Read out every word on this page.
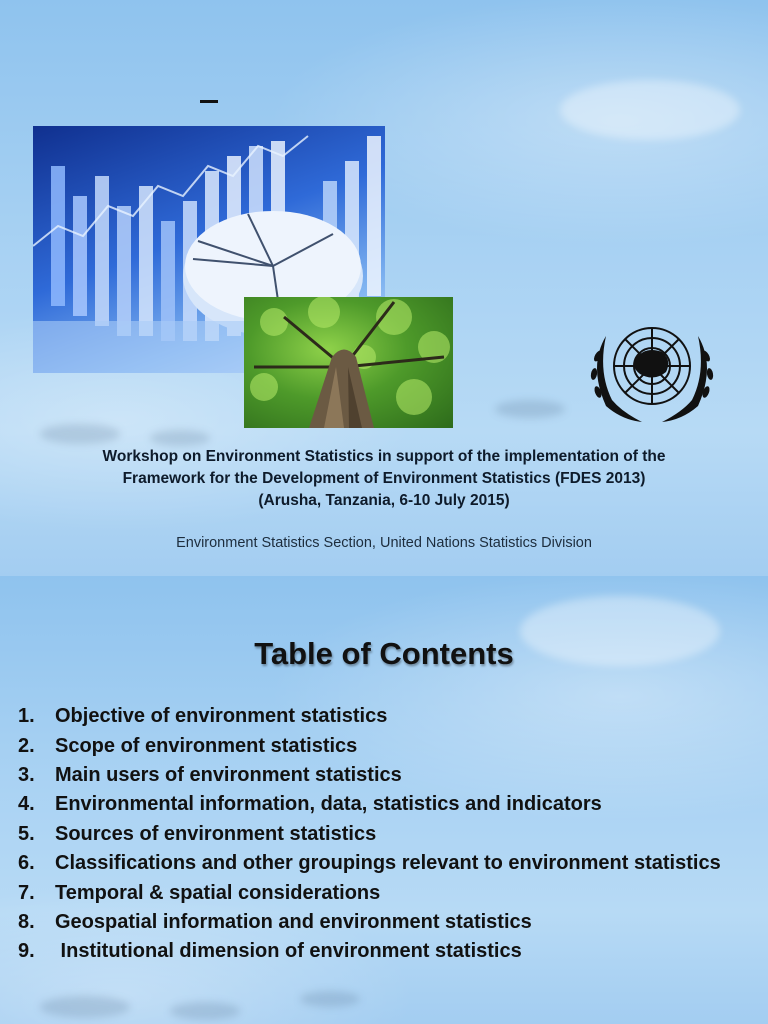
Workshop on Environment Statistics in support of the implementation of the
Framework for the Development of Environment Statistics (FDES 2013)
(Arusha, Tanzania, 6-10 July 2015)
Environment Statistics Section, United Nations Statistics Division
Table of Contents
1.	Objective of environment statistics
2.	Scope of environment statistics
3.	Main users of environment statistics
4.	Environmental information, data, statistics and indicators
5.	Sources of environment statistics
6.	Classifications and other groupings relevant to environment statistics
7.	Temporal & spatial considerations
8.	Geospatial information and environment statistics
9.	Institutional dimension of environment statistics
